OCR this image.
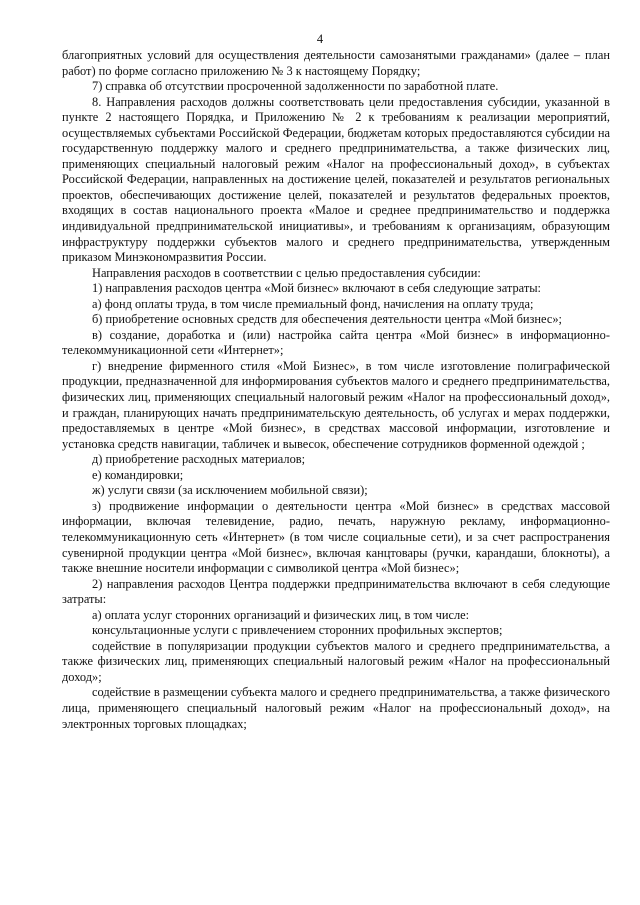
4

благоприятных условий для осуществления деятельности самозанятыми гражданами» (далее – план работ) по форме согласно приложению № 3 к настоящему Порядку;

7) справка об отсутствии просроченной задолженности по заработной плате.

8. Направления расходов должны соответствовать цели предоставления субсидии, указанной в пункте 2 настоящего Порядка, и Приложению № 2 к требованиям к реализации мероприятий, осуществляемых субъектами Российской Федерации, бюджетам которых предоставляются субсидии на государственную поддержку малого и среднего предпринимательства, а также физических лиц, применяющих специальный налоговый режим «Налог на профессиональный доход», в субъектах Российской Федерации, направленных на достижение целей, показателей и результатов региональных проектов, обеспечивающих достижение целей, показателей и результатов федеральных проектов, входящих в состав национального проекта «Малое и среднее предпринимательство и поддержка индивидуальной предпринимательской инициативы», и требованиям к организациям, образующим инфраструктуру поддержки субъектов малого и среднего предпринимательства, утвержденным приказом Минэкономразвития России.

Направления расходов в соответствии с целью предоставления субсидии:

1) направления расходов центра «Мой бизнес» включают в себя следующие затраты:

а) фонд оплаты труда, в том числе премиальный фонд, начисления на оплату труда;

б) приобретение основных средств для обеспечения деятельности центра «Мой бизнес»;

в) создание, доработка и (или) настройка сайта центра «Мой бизнес» в информационно-телекоммуникационной сети «Интернет»;

г) внедрение фирменного стиля «Мой Бизнес», в том числе изготовление полиграфической продукции, предназначенной для информирования субъектов малого и среднего предпринимательства, физических лиц, применяющих специальный налоговый режим «Налог на профессиональный доход», и граждан, планирующих начать предпринимательскую деятельность, об услугах и мерах поддержки, предоставляемых в центре «Мой бизнес», в средствах массовой информации, изготовление и установка средств навигации, табличек и вывесок, обеспечение сотрудников форменной одеждой ;

д) приобретение расходных материалов;

е) командировки;

ж) услуги связи (за исключением мобильной связи);

з) продвижение информации о деятельности центра «Мой бизнес» в средствах массовой информации, включая телевидение, радио, печать, наружную рекламу, информационно-телекоммуникационную сеть «Интернет» (в том числе социальные сети), и за счет распространения сувенирной продукции центра «Мой бизнес», включая канцтовары (ручки, карандаши, блокноты), а также внешние носители информации с символикой центра «Мой бизнес»;

2) направления расходов Центра поддержки предпринимательства включают в себя следующие затраты:

а) оплата услуг сторонних организаций и физических лиц, в том числе:

консультационные услуги с привлечением сторонних профильных экспертов;

содействие в популяризации продукции субъектов малого и среднего предпринимательства, а также физических лиц, применяющих специальный налоговый режим «Налог на профессиональный доход»;

содействие в размещении субъекта малого и среднего предпринимательства, а также физического лица, применяющего специальный налоговый режим «Налог на профессиональный доход», на электронных торговых площадках;
